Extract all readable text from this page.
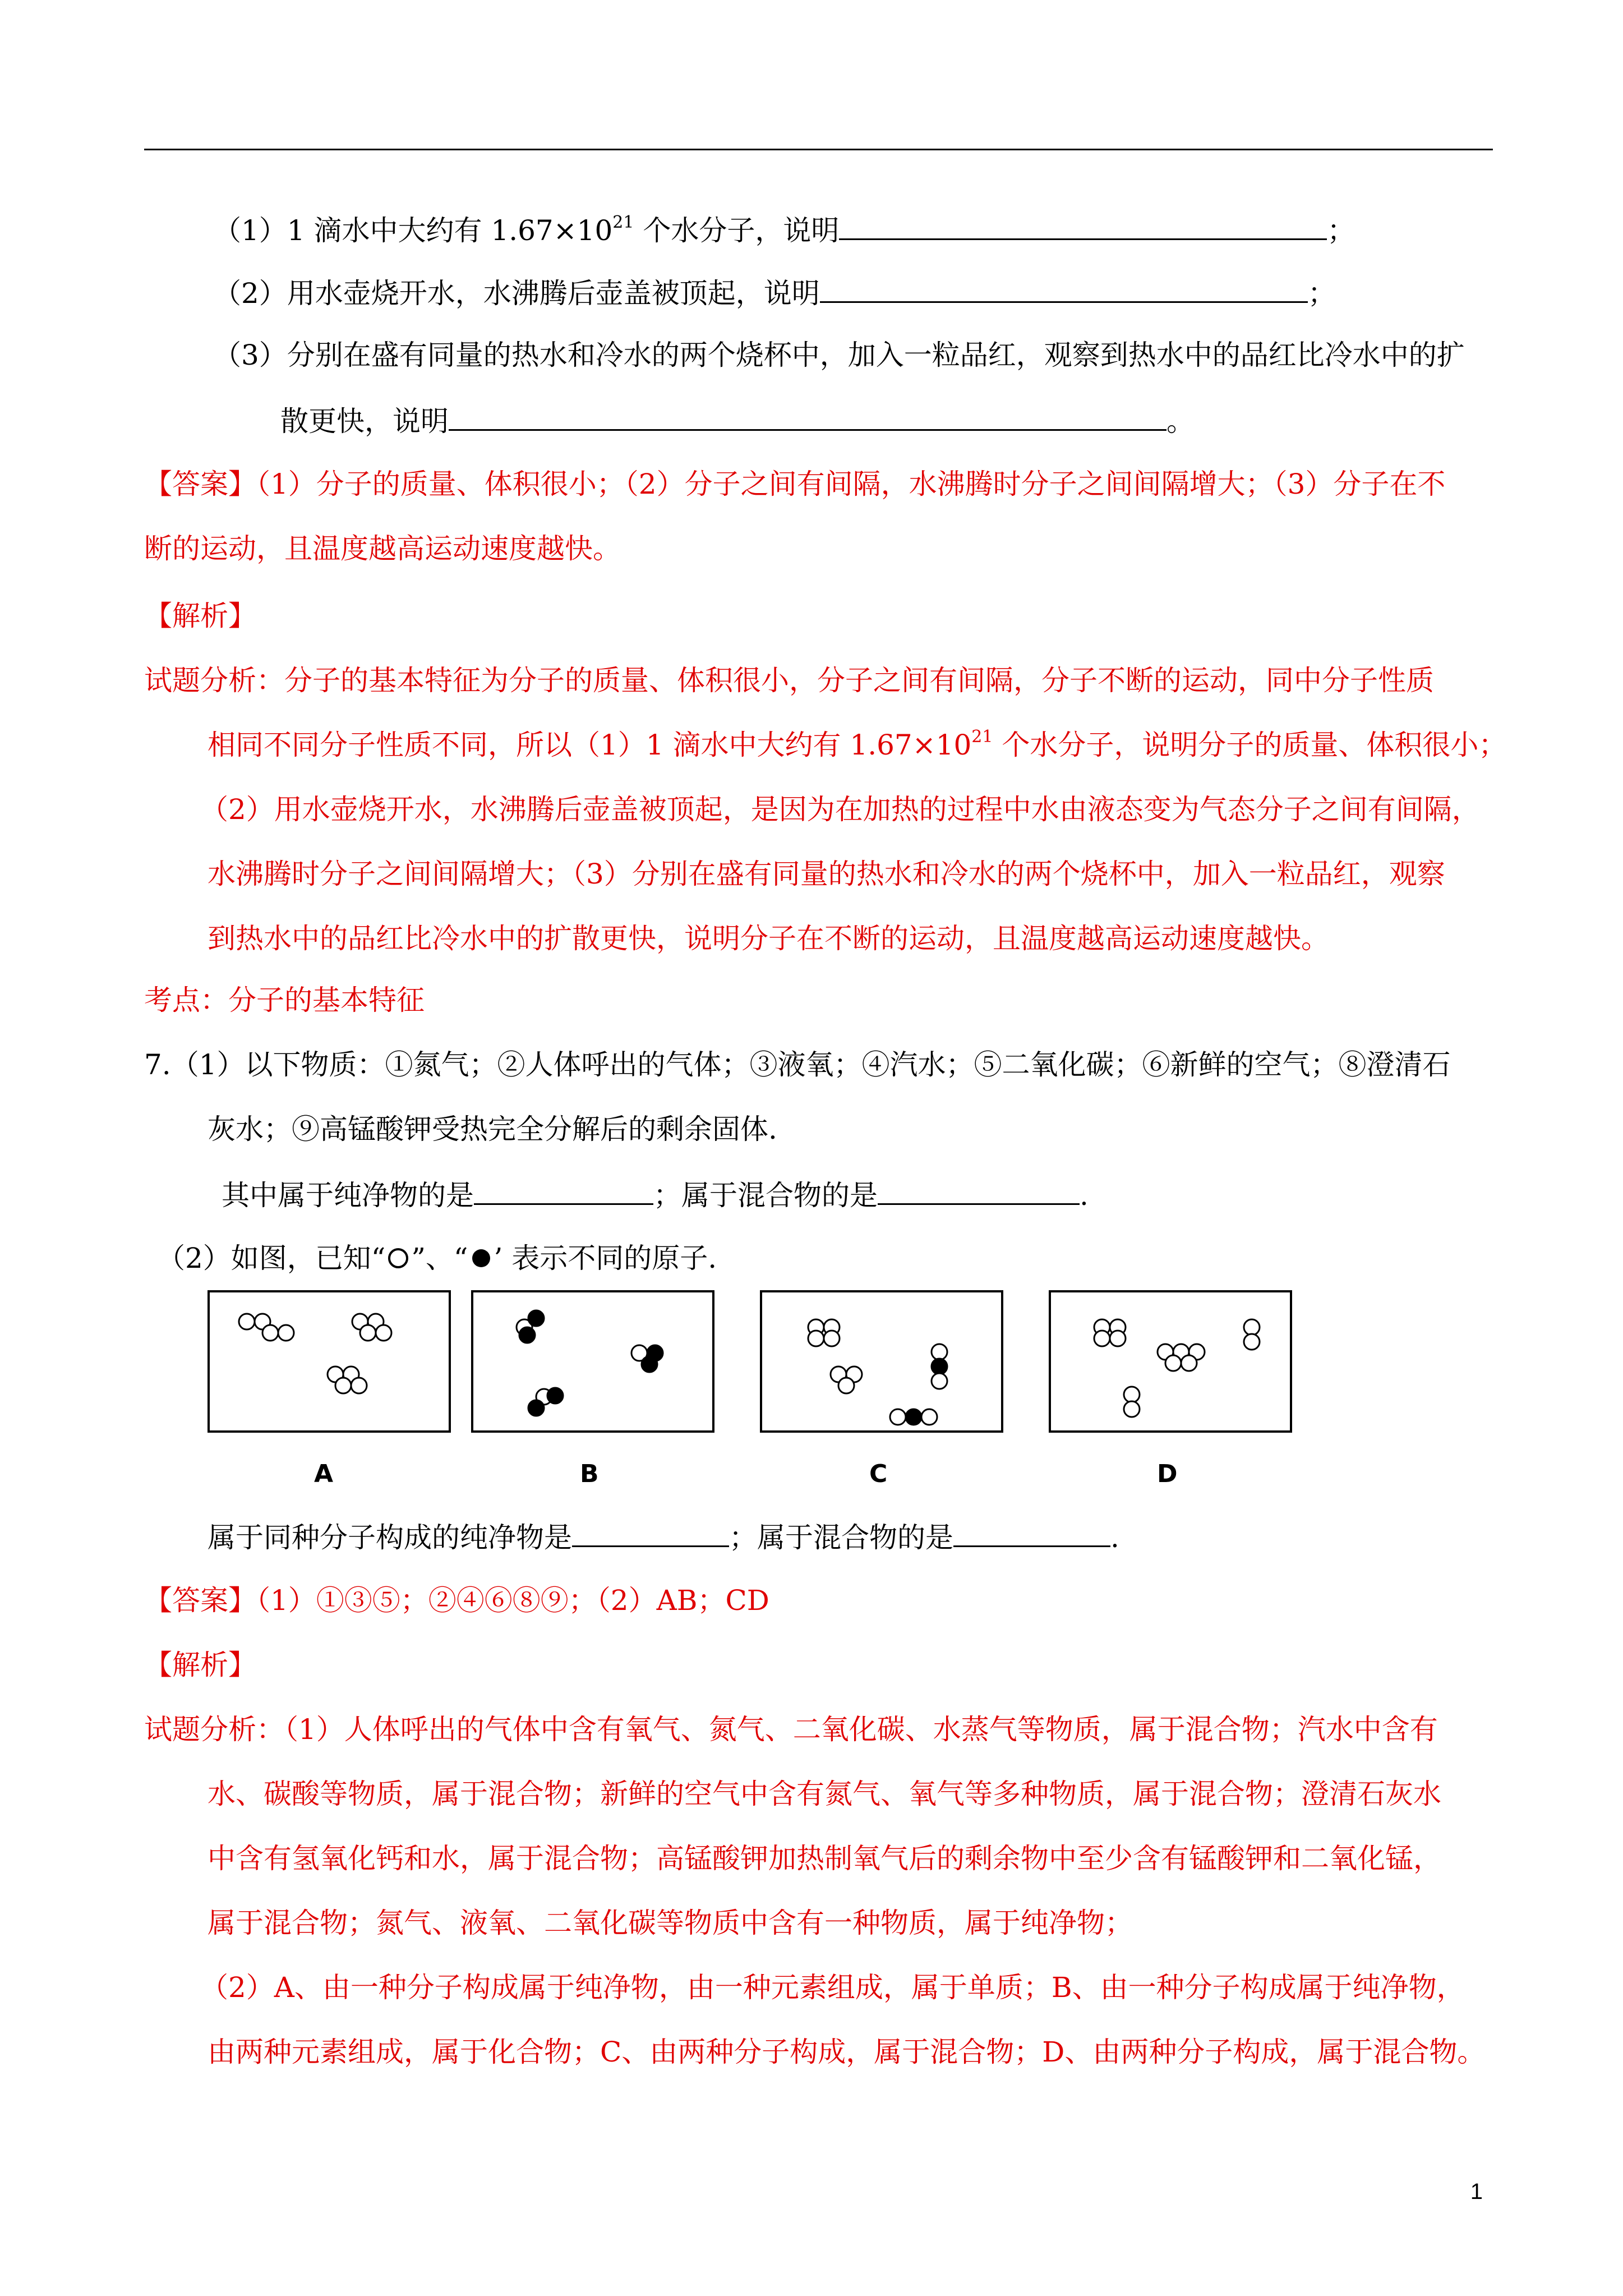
（1）1 滴水中大约有 $1.67\times 10^{21}$ 个水分子，说明	；
（2）用水壶烧开水，水沸腾后壶盖被顶起，说明	；
（3）分别在盛有同量的热水和冷水的两个烧杯中，加入一粒品红，观察到热水中的品红比冷水中的扩
散更快，说明	。
【答案】（1）分子的质量、体积很小；（2）分子之间有间隔，水沸腾时分子之间间隔增大；（3）分子在不
断的运动，且温度越高运动速度越快。
【解析】
试题分析：分子的基本特征为分子的质量、体积很小，分子之间有间隔，分子不断的运动，同中分子性质
相同不同分子性质不同，所以（1）1 滴水中大约有 $1.67\times 10^{21}$ 个水分子，说明分子的质量、体积很小；
（2）用水壶烧开水，水沸腾后壶盖被顶起，是因为在加热的过程中水由液态变为气态分子之间有间隔，
水沸腾时分子之间间隔增大；（3）分别在盛有同量的热水和冷水的两个烧杯中，加入一粒品红，观察
到热水中的品红比冷水中的扩散更快，说明分子在不断的运动，且温度越高运动速度越快。
考点：分子的基本特征
7.（1）以下物质：①氮气；②人体呼出的气体；③液氧；④汽水；⑤二氧化碳；⑥新鲜的空气；⑧澄清石
灰水；⑨高锰酸钾受热完全分解后的剩余固体.
其中属于纯净物的是	；属于混合物的是	.
（2）如图，已知“ ”、“ ’ 表示不同的原子.
A	B	C	D
属于同种分子构成的纯净物是	；属于混合物的是	.
【答案】（1）①③⑤；②④⑥⑧⑨；（2）AB；CD
【解析】
试题分析：（1）人体呼出的气体中含有氧气、氮气、二氧化碳、水蒸气等物质，属于混合物；汽水中含有
水、碳酸等物质，属于混合物；新鲜的空气中含有氮气、氧气等多种物质，属于混合物；澄清石灰水
中含有氢氧化钙和水，属于混合物；高锰酸钾加热制氧气后的剩余物中至少含有锰酸钾和二氧化锰，
属于混合物；氮气、液氧、二氧化碳等物质中含有一种物质，属于纯净物；
（2）A、由一种分子构成属于纯净物，由一种元素组成，属于单质；B、由一种分子构成属于纯净物，
由两种元素组成，属于化合物；C、由两种分子构成，属于混合物；D、由两种分子构成，属于混合物。
1
